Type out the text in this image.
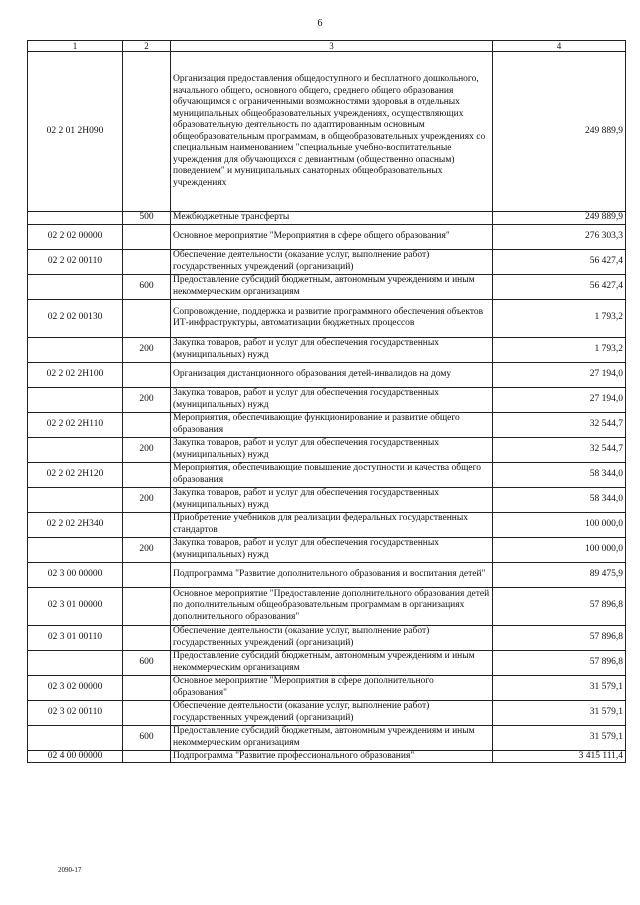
6
1	2	3	4
02 2 01 2Н090		Организация предоставления общедоступного и бесплатного дошкольного, начального общего, основного общего, среднего общего образования обучающимся с ограниченными возможностями здоровья в отдельных муниципальных общеобразовательных учреждениях, осуществляющих образовательную деятельность по адаптированным основным общеобразовательным программам, в общеобразовательных учреждениях со специальным наименованием "специальные учебно-воспитательные учреждения для обучающихся с девиантным (общественно опасным) поведением" и муниципальных санаторных общеобразовательных учреждениях	249 889,9
	500	Межбюджетные трансферты	249 889,9
02 2 02 00000		Основное мероприятие "Мероприятия в сфере общего образования"	276 303,3
02 2 02 00110		Обеспечение деятельности (оказание услуг, выполнение работ) государственных учреждений (организаций)	56 427,4
	600	Предоставление субсидий бюджетным, автономным учреждениям и иным некоммерческим организациям	56 427,4
02 2 02 00130		Сопровождение, поддержка и развитие программного обеспечения объектов ИТ-инфраструктуры, автоматизации бюджетных процессов	1 793,2
	200	Закупка товаров, работ и услуг для обеспечения государственных (муниципальных) нужд	1 793,2
02 2 02 2Н100		Организация дистанционного образования детей-инвалидов на дому	27 194,0
	200	Закупка товаров, работ и услуг для обеспечения государственных (муниципальных) нужд	27 194,0
02 2 02 2Н110		Мероприятия, обеспечивающие функционирование и развитие общего образования	32 544,7
	200	Закупка товаров, работ и услуг для обеспечения государственных (муниципальных) нужд	32 544,7
02 2 02 2Н120		Мероприятия, обеспечивающие повышение доступности и качества общего образования	58 344,0
	200	Закупка товаров, работ и услуг для обеспечения государственных (муниципальных) нужд	58 344,0
02 2 02 2Н340		Приобретение учебников для реализации федеральных государственных стандартов	100 000,0
	200	Закупка товаров, работ и услуг для обеспечения государственных (муниципальных) нужд	100 000,0
02 3 00 00000		Подпрограмма "Развитие дополнительного образования и воспитания детей"	89 475,9
02 3 01 00000		Основное мероприятие "Предоставление дополнительного образования детей по дополнительным общеобразовательным программам в организациях дополнительного образования"	57 896,8
02 3 01 00110		Обеспечение деятельности (оказание услуг, выполнение работ) государственных учреждений (организаций)	57 896,8
	600	Предоставление субсидий бюджетным, автономным учреждениям и иным некоммерческим организациям	57 896,8
02 3 02 00000		Основное мероприятие "Мероприятия в сфере дополнительного образования"	31 579,1
02 3 02 00110		Обеспечение деятельности (оказание услуг, выполнение работ) государственных учреждений (организаций)	31 579,1
	600	Предоставление субсидий бюджетным, автономным учреждениям и иным некоммерческим организациям	31 579,1
02 4 00 00000		Подпрограмма "Развитие профессионального образования"	3 415 111,4
2090-17
